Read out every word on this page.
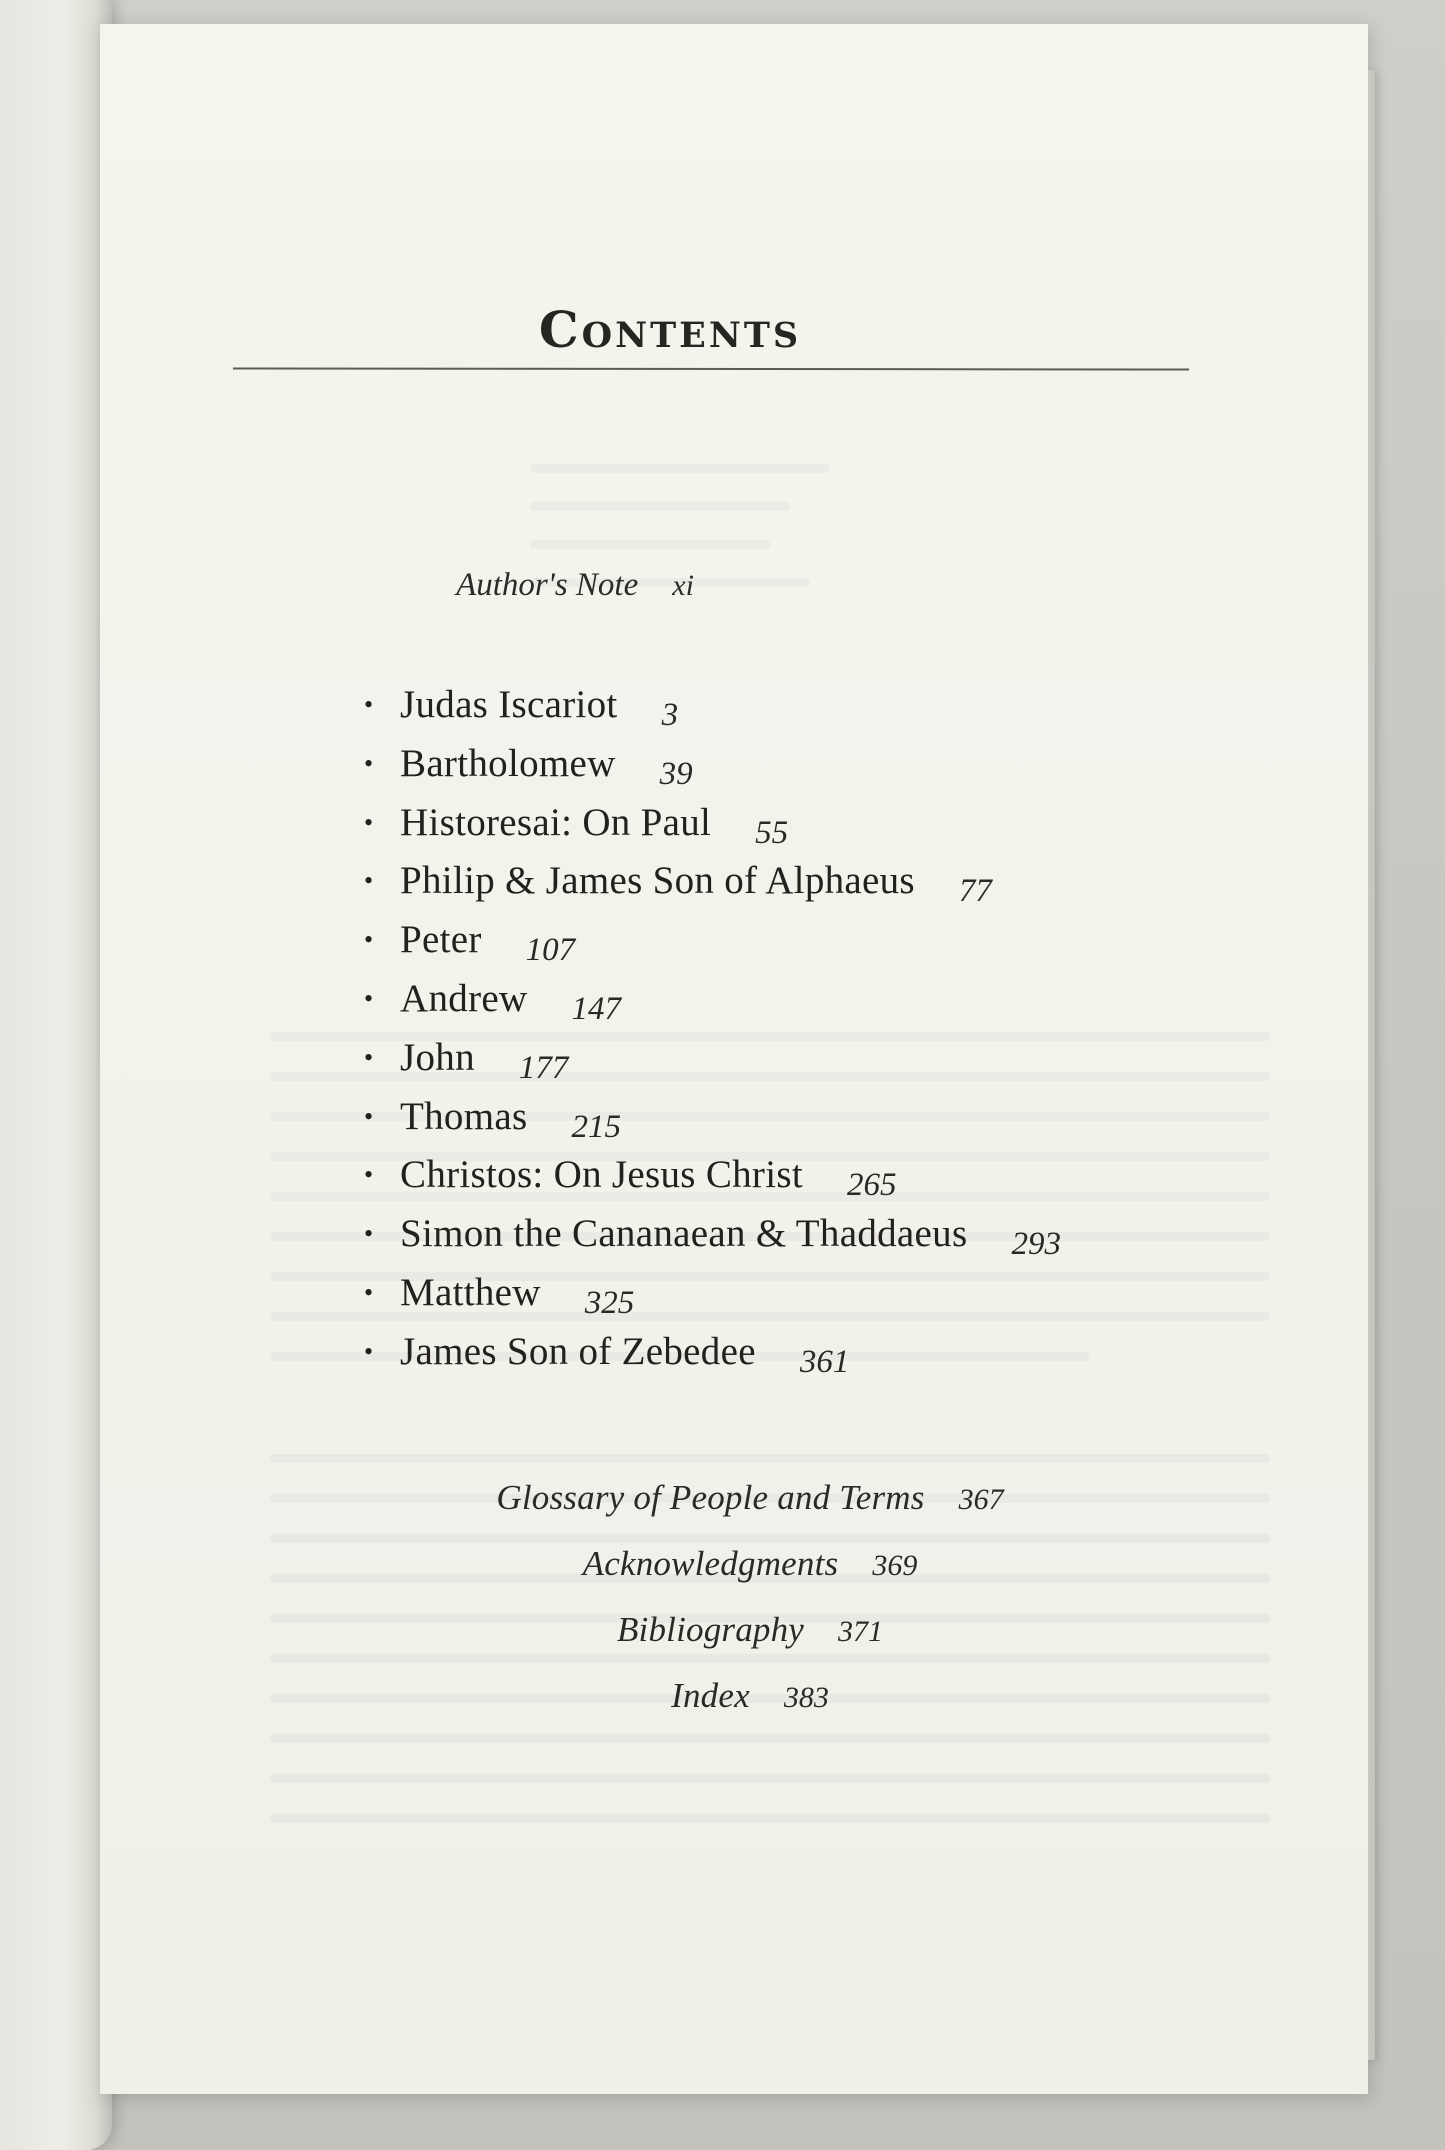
Contents
Author's Note xi
• Judas Iscariot 3
• Bartholomew 39
• Historesai: On Paul 55
• Philip & James Son of Alphaeus 77
• Peter 107
• Andrew 147
• John 177
• Thomas 215
• Christos: On Jesus Christ 265
• Simon the Cananaean & Thaddaeus 293
• Matthew 325
• James Son of Zebedee 361
Glossary of People and Terms 367
Acknowledgments 369
Bibliography 371
Index 383
